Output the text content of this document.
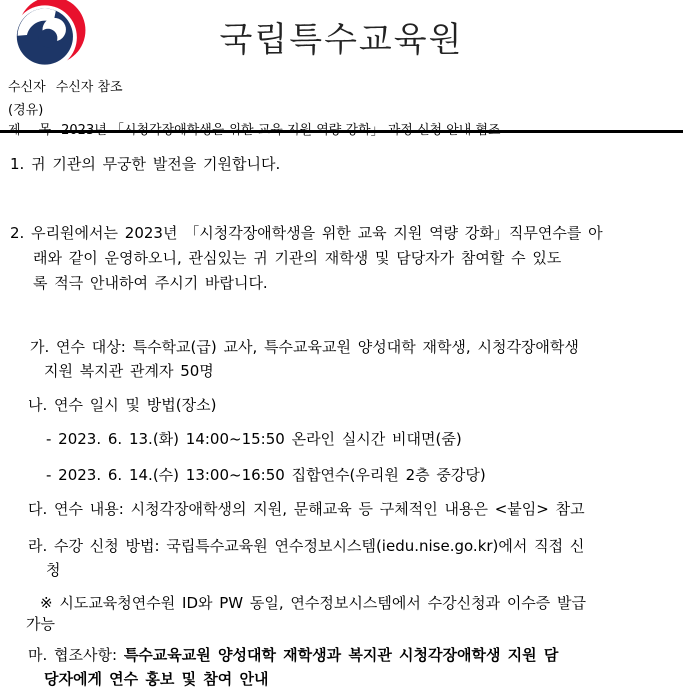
국립특수교육원
수신자 수신자 참조
(경유)
1. 귀 기관의 무궁한 발전을 기원합니다.
2. 우리원에서는 2023년 「시청각장애학생을 위한 교육 지원 역량 강화」직무연수를 아
래와 같이 운영하오니, 관심있는 귀 기관의 재학생 및 담당자가 참여할 수 있도
록 적극 안내하여 주시기 바랍니다.
가. 연수 대상: 특수학교(급) 교사, 특수교육교원 양성대학 재학생, 시청각장애학생
지원 복지관 관계자 50명
나. 연수 일시 및 방법(장소)
- 2023. 6. 13.(화) 14:00~15:50 온라인 실시간 비대면(줌)
- 2023. 6. 14.(수) 13:00~16:50 집합연수(우리원 2층 중강당)
다. 연수 내용: 시청각장애학생의 지원, 문해교육 등 구체적인 내용은 <붙임> 참고
라. 수강 신청 방법: 국립특수교육원 연수정보시스템(iedu.nise.go.kr)에서 직접 신
청
※ 시도교육청연수원 ID와 PW 동일, 연수정보시스템에서 수강신청과 이수증 발급
가능
마. 협조사항: 특수교육교원 양성대학 재학생과 복지관 시청각장애학생 지원 담
당자에게 연수 홍보 및 참여 안내
